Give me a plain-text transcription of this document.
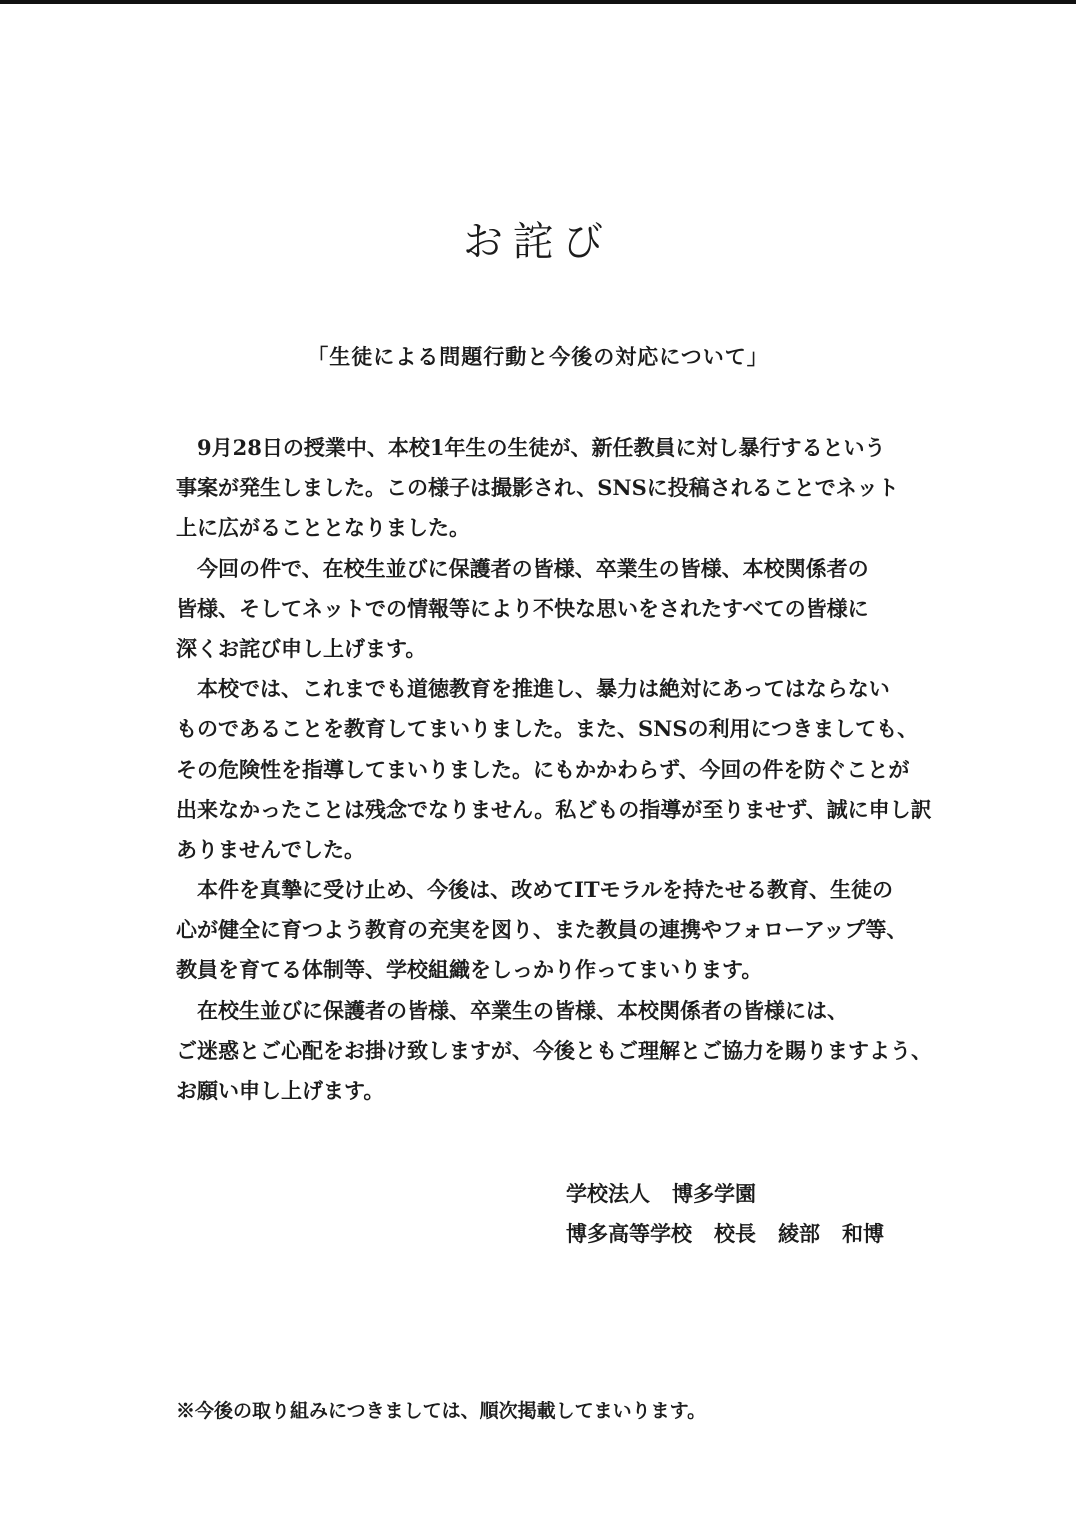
お詫び
「生徒による問題行動と今後の対応について」
9月28日の授業中、本校1年生の生徒が、新任教員に対し暴行するという
事案が発生しました。この様子は撮影され、SNSに投稿されることでネット
上に広がることとなりました。
今回の件で、在校生並びに保護者の皆様、卒業生の皆様、本校関係者の
皆様、そしてネットでの情報等により不快な思いをされたすべての皆様に
深くお詫び申し上げます。
本校では、これまでも道徳教育を推進し、暴力は絶対にあってはならない
ものであることを教育してまいりました。また、SNSの利用につきましても、
その危険性を指導してまいりました。にもかかわらず、今回の件を防ぐことが
出来なかったことは残念でなりません。私どもの指導が至りませず、誠に申し訳
ありませんでした。
本件を真摯に受け止め、今後は、改めてITモラルを持たせる教育、生徒の
心が健全に育つよう教育の充実を図り、また教員の連携やフォローアップ等、
教員を育てる体制等、学校組織をしっかり作ってまいります。
在校生並びに保護者の皆様、卒業生の皆様、本校関係者の皆様には、
ご迷惑とご心配をお掛け致しますが、今後ともご理解とご協力を賜りますよう、
お願い申し上げます。
学校法人 博多学園
博多高等学校 校長 綾部 和博
※今後の取り組みにつきましては、順次掲載してまいります。
